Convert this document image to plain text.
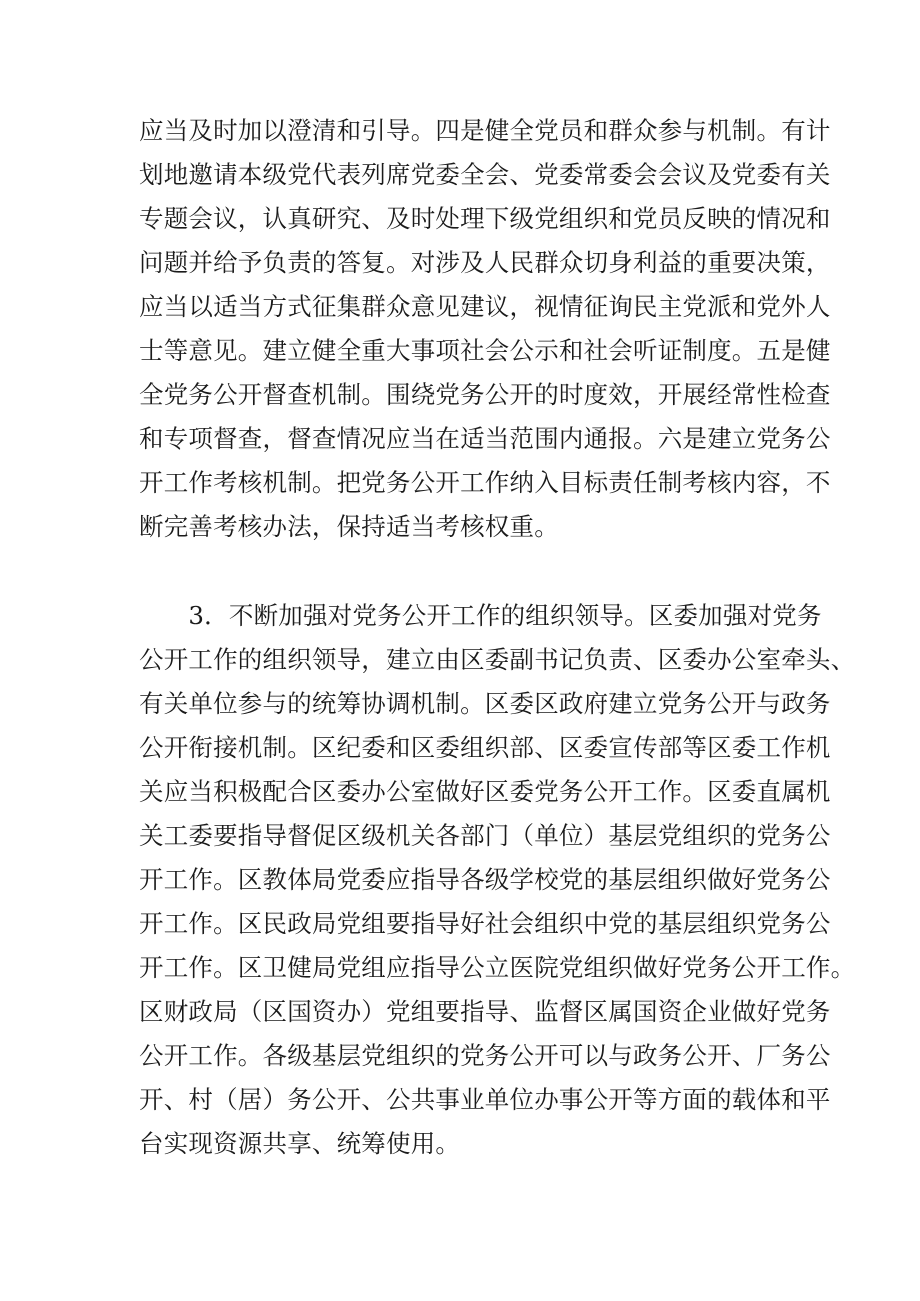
应当及时加以澄清和引导。四是健全党员和群众参与机制。有计
划地邀请本级党代表列席党委全会、党委常委会会议及党委有关
专题会议，认真研究、及时处理下级党组织和党员反映的情况和
问题并给予负责的答复。对涉及人民群众切身利益的重要决策，
应当以适当方式征集群众意见建议，视情征询民主党派和党外人
士等意见。建立健全重大事项社会公示和社会听证制度。五是健
全党务公开督查机制。围绕党务公开的时度效，开展经常性检查
和专项督查，督查情况应当在适当范围内通报。六是建立党务公
开工作考核机制。把党务公开工作纳入目标责任制考核内容，不
断完善考核办法，保持适当考核权重。
　　3．不断加强对党务公开工作的组织领导。区委加强对党务
公开工作的组织领导，建立由区委副书记负责、区委办公室牵头、
有关单位参与的统筹协调机制。区委区政府建立党务公开与政务
公开衔接机制。区纪委和区委组织部、区委宣传部等区委工作机
关应当积极配合区委办公室做好区委党务公开工作。区委直属机
关工委要指导督促区级机关各部门（单位）基层党组织的党务公
开工作。区教体局党委应指导各级学校党的基层组织做好党务公
开工作。区民政局党组要指导好社会组织中党的基层组织党务公
开工作。区卫健局党组应指导公立医院党组织做好党务公开工作。
区财政局（区国资办）党组要指导、监督区属国资企业做好党务
公开工作。各级基层党组织的党务公开可以与政务公开、厂务公
开、村（居）务公开、公共事业单位办事公开等方面的载体和平
台实现资源共享、统筹使用。
